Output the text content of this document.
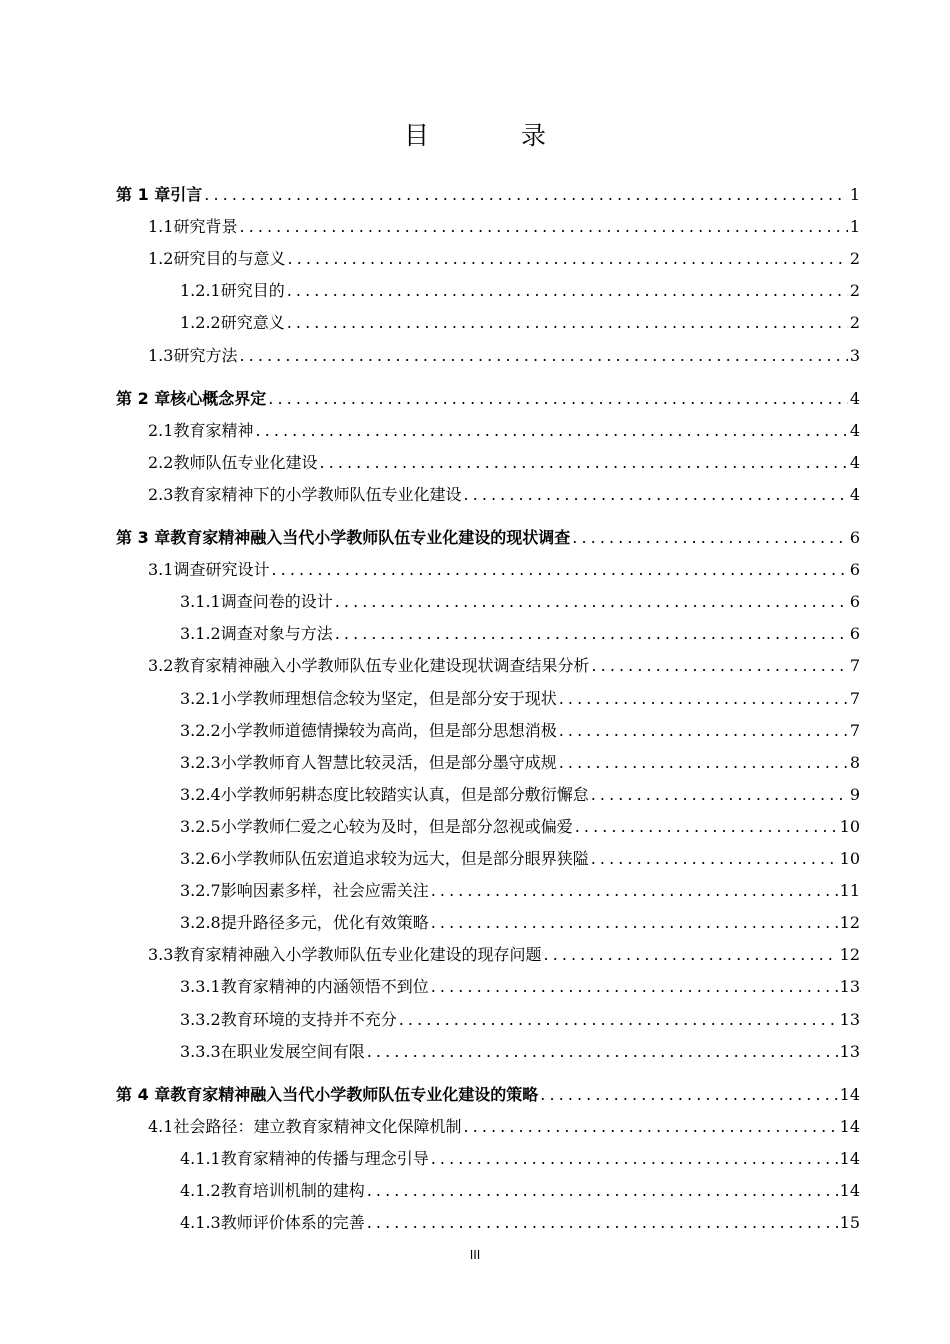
目 录
第 1 章 引言 . . .	1
1.1 研究背景 . . .	1
1.2 研究目的与意义 . . .	2
1.2.1 研究目的 . . .	2
1.2.2 研究意义 . . .	2
1.3 研究方法 . . .	3
第 2 章 核心概念界定 . . .	4
2.1 教育家精神 . . .	4
2.2 教师队伍专业化建设 . . .	4
2.3 教育家精神下的小学教师队伍专业化建设 . . .	4
第 3 章 教育家精神融入当代小学教师队伍专业化建设的现状调查 . . .	6
3.1 调查研究设计 . . .	6
3.1.1 调查问卷的设计 . . .	6
3.1.2 调查对象与方法 . . .	6
3.2 教育家精神融入小学教师队伍专业化建设现状调查结果分析 . . .	7
3.2.1 小学教师理想信念较为坚定，但是部分安于现状 . . .	7
3.2.2 小学教师道德情操较为高尚，但是部分思想消极 . . .	7
3.2.3 小学教师育人智慧比较灵活，但是部分墨守成规 . . .	8
3.2.4 小学教师躬耕态度比较踏实认真，但是部分敷衍懈怠 . . .	9
3.2.5 小学教师仁爱之心较为及时，但是部分忽视或偏爱 . . .	10
3.2.6 小学教师队伍宏道追求较为远大，但是部分眼界狭隘 . . .	10
3.2.7 影响因素多样，社会应需关注 . . .	11
3.2.8 提升路径多元，优化有效策略 . . .	12
3.3 教育家精神融入小学教师队伍专业化建设的现存问题 . . .	12
3.3.1 教育家精神的内涵领悟不到位 . . .	13
3.3.2 教育环境的支持并不充分 . . .	13
3.3.3 在职业发展空间有限 . . .	13
第 4 章 教育家精神融入当代小学教师队伍专业化建设的策略 . . .	14
4.1 社会路径：建立教育家精神文化保障机制 . . .	14
4.1.1 教育家精神的传播与理念引导 . . .	14
4.1.2 教育培训机制的建构 . . .	14
4.1.3 教师评价体系的完善 . . .	15
III
